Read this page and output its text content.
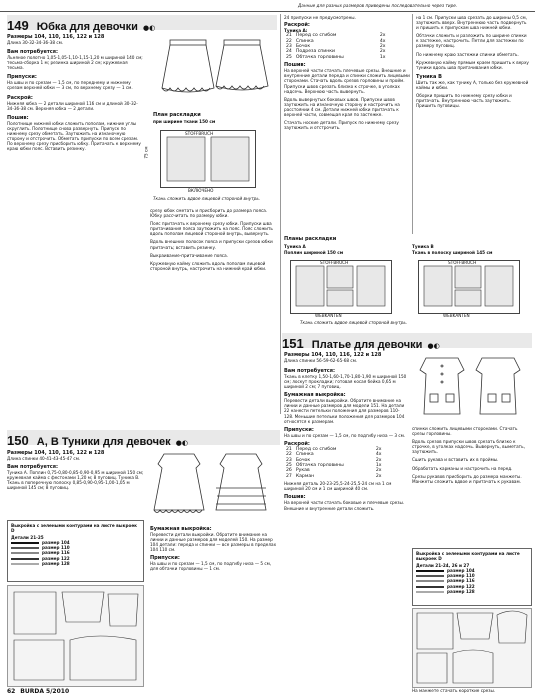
Данные для разных размеров приведены последовательно через тире.
149 Юбка для девочки ●◐
Размеры 104, 110, 116, 122 и 128
Длина 30-32-34-36-38 см.
Вам потребуется:
Льняное полотно 1,05-1,05-1,10-1,15-1,20 м шириной 140 см; тесьма-сборка 1 м; резинка шириной 2 см; кружевная тесьма.
Припуски:
На швы и по срезам — 1,5 см, по переднему и нижнему срезам верхней юбки — 3 см, по верхнему срезу — 1 см.
Раскрой:
Нижняя юбка — 2 детали шириной 116 см и длиной 30-32-34-36-38 см. Верхняя юбка — 2 детали.
Пошив:
Полотнище нижней юбки сложить пополам, нижние углы скруглить. Полотнище снова развернуть. Припуск по нижнему срезу обметать. Заутюжить на изнаночную сторону и отстрочить. Обметать припуски по всем срезам. По верхнему срезу присборить юбку. Притачать к верхнему краю юбки пояс. Вставить резинку.
План раскладки
при ширине ткани 150 см
STOFFBRUCH
75 см
ВКЛЮЧЕНО
Ткань сложить вдвое лицевой стороной внутрь.
срезу юбок сметать и присборить до размера пояса. Юбку рассчитать по размеру юбки.
Пояс притачать к верхнему срезу юбки. Припуски шва притачивания пояса заутюжить на пояс. Пояс сложить вдоль пополам лицевой стороной внутрь, вывернуть.
Вдоль внешних полосок пояса и припуски срезов юбки притачать; вставить резинку.
Выкраивание-притачивание пояса.
Кружевную каймy сложить вдоль пополам лицевой стороной внутрь, настрочить на нижний край юбки.
24 припуски не предусмотрены.
Раскрой:
Туника А:
21	Перед со сгибом	2x
22	Спинка	4x
23	Бочок	2x
24	Подреза спинки	2x
25	Обтачка горловины	1x
Пошив:
На верхней части стачать плечевые срезы. Внешние и внутренние детали переда и спинки сложить лицевыми сторонами. Стачать вдоль срезов горловины и пройм. Припуски швов срезать близко к строчке, в уголках надсечь. Верхнюю часть вывернуть.
Вдоль вывернутых боковых швов. Припуски швов заутюжить на изнаночную сторону и настрочить на расстоянии 4 см. Детали нижней юбки притачать к верхней части, совмещая края по застежке.
Стачать ноские детали. Припуск по нижнему срезу заутюжить и отстрочить.
на 1 см. Припуски шва срезать до ширины 0,5 см, заутюжить вверх. Внутреннюю часть подвернуть и пришить к припускам шва нижней юбки.
Обтачки сложить и разложить по ширине спинки к застежке, настрочить. Петли для застежки по размеру пуговиц.
По нижнему краю застежки спинки обметать.
Кружевную кайму прямым краем пришить к верху туники вдоль шва притачивания юбки.
Туника В
Шить так же, как тунику А, только без кружевной каймы и юбки.
Оборки пришить по нижнему срезу юбки и притачать. Внутреннюю часть заутюжить. Пришить пуговицы.
Планы раскладки
Туника А
Поплин шириной 150 см
STOFFBRUCH
WEBKANTEN
Туника В
Ткань в полоску шириной 145 см
STOFFBRUCH
WEBKANTEN
Ткань сложить вдвое лицевой стороной внутрь.
151 Платье для девочки ●◐
Размеры 104, 110, 116, 122 и 128
Длина спинки 56-59-62-65-68 см.
Вам потребуется:
Ткань в клетку 1,50-1,60-1,70-1,80-1,90 м шириной 150 см; лоскут прокладки; готовая косая бейка 0,65 м шириной 2 см; 7 пуговиц.
Бумажная выкройка:
Перевести детали выкройки. Обратите внимание на линии и данные размеров для модели 151. На детали 22 нанести петельки положения для размеров 110-128. Меньшие петельки положения для размеров 104 относятся к размерам.
Припуски:
На швы и по срезам — 1,5 см, по подгибу низа — 3 см.
Раскрой:
21	Перед со сгибом	2x
22	Спинка	4x
23	Бочок	2x
25	Обтачка горловины	1x
26	Рукав	2x
27	Карман	2x
Нижняя деталь 20-23-25,5-24-25,5-24 см на 1 см шириной 20 см и 1 см шириной 40 см.
Пошив:
На верхней части стачать боковые и плечевые срезы. Внешние и внутренние детали сложить.
спинки сложить лицевыми сторонами. Стачать срезы горловины.
Вдоль срезов припуски швов срезать близко к строчке, в уголках надсечь. Вывернуть, выметать, заутюжить.
Сшить рукава и вставить их в проймы.
Обработать карманы и настрочить на перед.
Срезы рукавов присборить до размера манжеты. Манжеты сложить вдвое и притачать к рукавам.
Выкройка с зелеными контурами на листе выкроек D
Детали 21-24, 26 и 27
размер 104
размер 110
размер 116
размер 122
размер 128
На манжете стачать короткие срезы.
150 А, В Туники для девочек ●◐
Размеры 104, 110, 116, 122 и 128
Длина спинки 40-41-43-45-47 см.
Вам потребуется:
Туника А. Поплин 0,75-0,80-0,85-0,90-0,95 м шириной 150 см; кружевная каймa с фестонами 1,20 м; 8 пуговиц. Туника В. Ткань в поперечную полоску 0,85-0,90-0,95-1,00-1,05 м шириной 145 см; 8 пуговиц.
Выкройка с зелеными контурами на листе выкроек D
Детали 21-25
размер 104
размер 110
размер 116
размер 122
размер 128
Бумажная выкройка:
Перевести детали выкройки. Обратите внимание на линии и данные размеров для моделей 150. На размер 104 детали: переда и спинки — все размеры в пределах 104 110 см.
Припуски:
На швы и по срезам — 1,5 см, по подгибу низа — 5 см, для обтачки горловины — 1 см.
62 BURDA 5/2010
